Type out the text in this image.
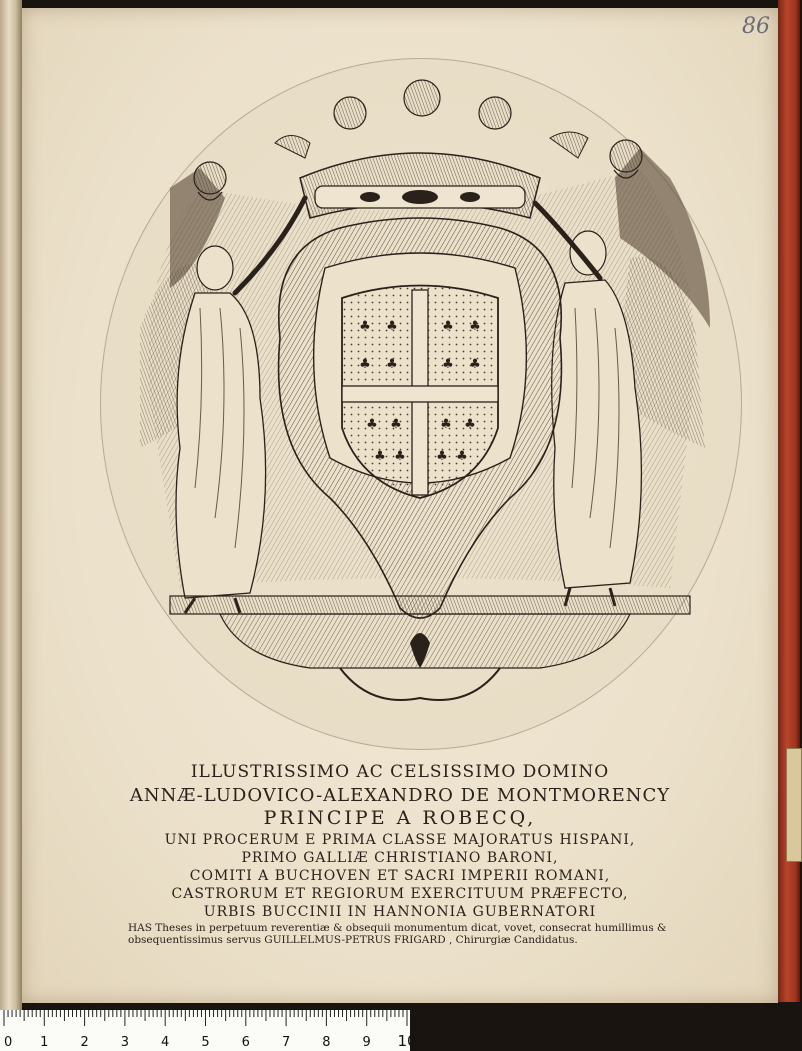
86
♣ ♣	♣ ♣
♣ ♣	♣ ♣
♣ ♣	♣ ♣
♣ ♣ ♣ ♣
ILLUSTRISSIMO AC CELSISSIMO DOMINO
ANNÆ-LUDOVICO-ALEXANDRO DE MONTMORENCY
PRINCIPE A ROBECQ,
UNI PROCERUM E PRIMA CLASSE MAJORATUS HISPANI,
PRIMO GALLIÆ CHRISTIANO BARONI,
COMITI A BUCHOVEN ET SACRI IMPERII ROMANI,
CASTRORUM ET REGIORUM EXERCITUUM PRÆFECTO,
URBIS BUCCINII IN HANNONIA GUBERNATORI
HAS Theses in perpetuum reverentiæ & obsequii monumentum dicat, vovet, consecrat humillimus &
obsequentissimus servus GUILLELMUS-PETRUS FRIGARD , Chirurgiæ Candidatus.
0 1 2 3 4 5 6 7 8 9 10
